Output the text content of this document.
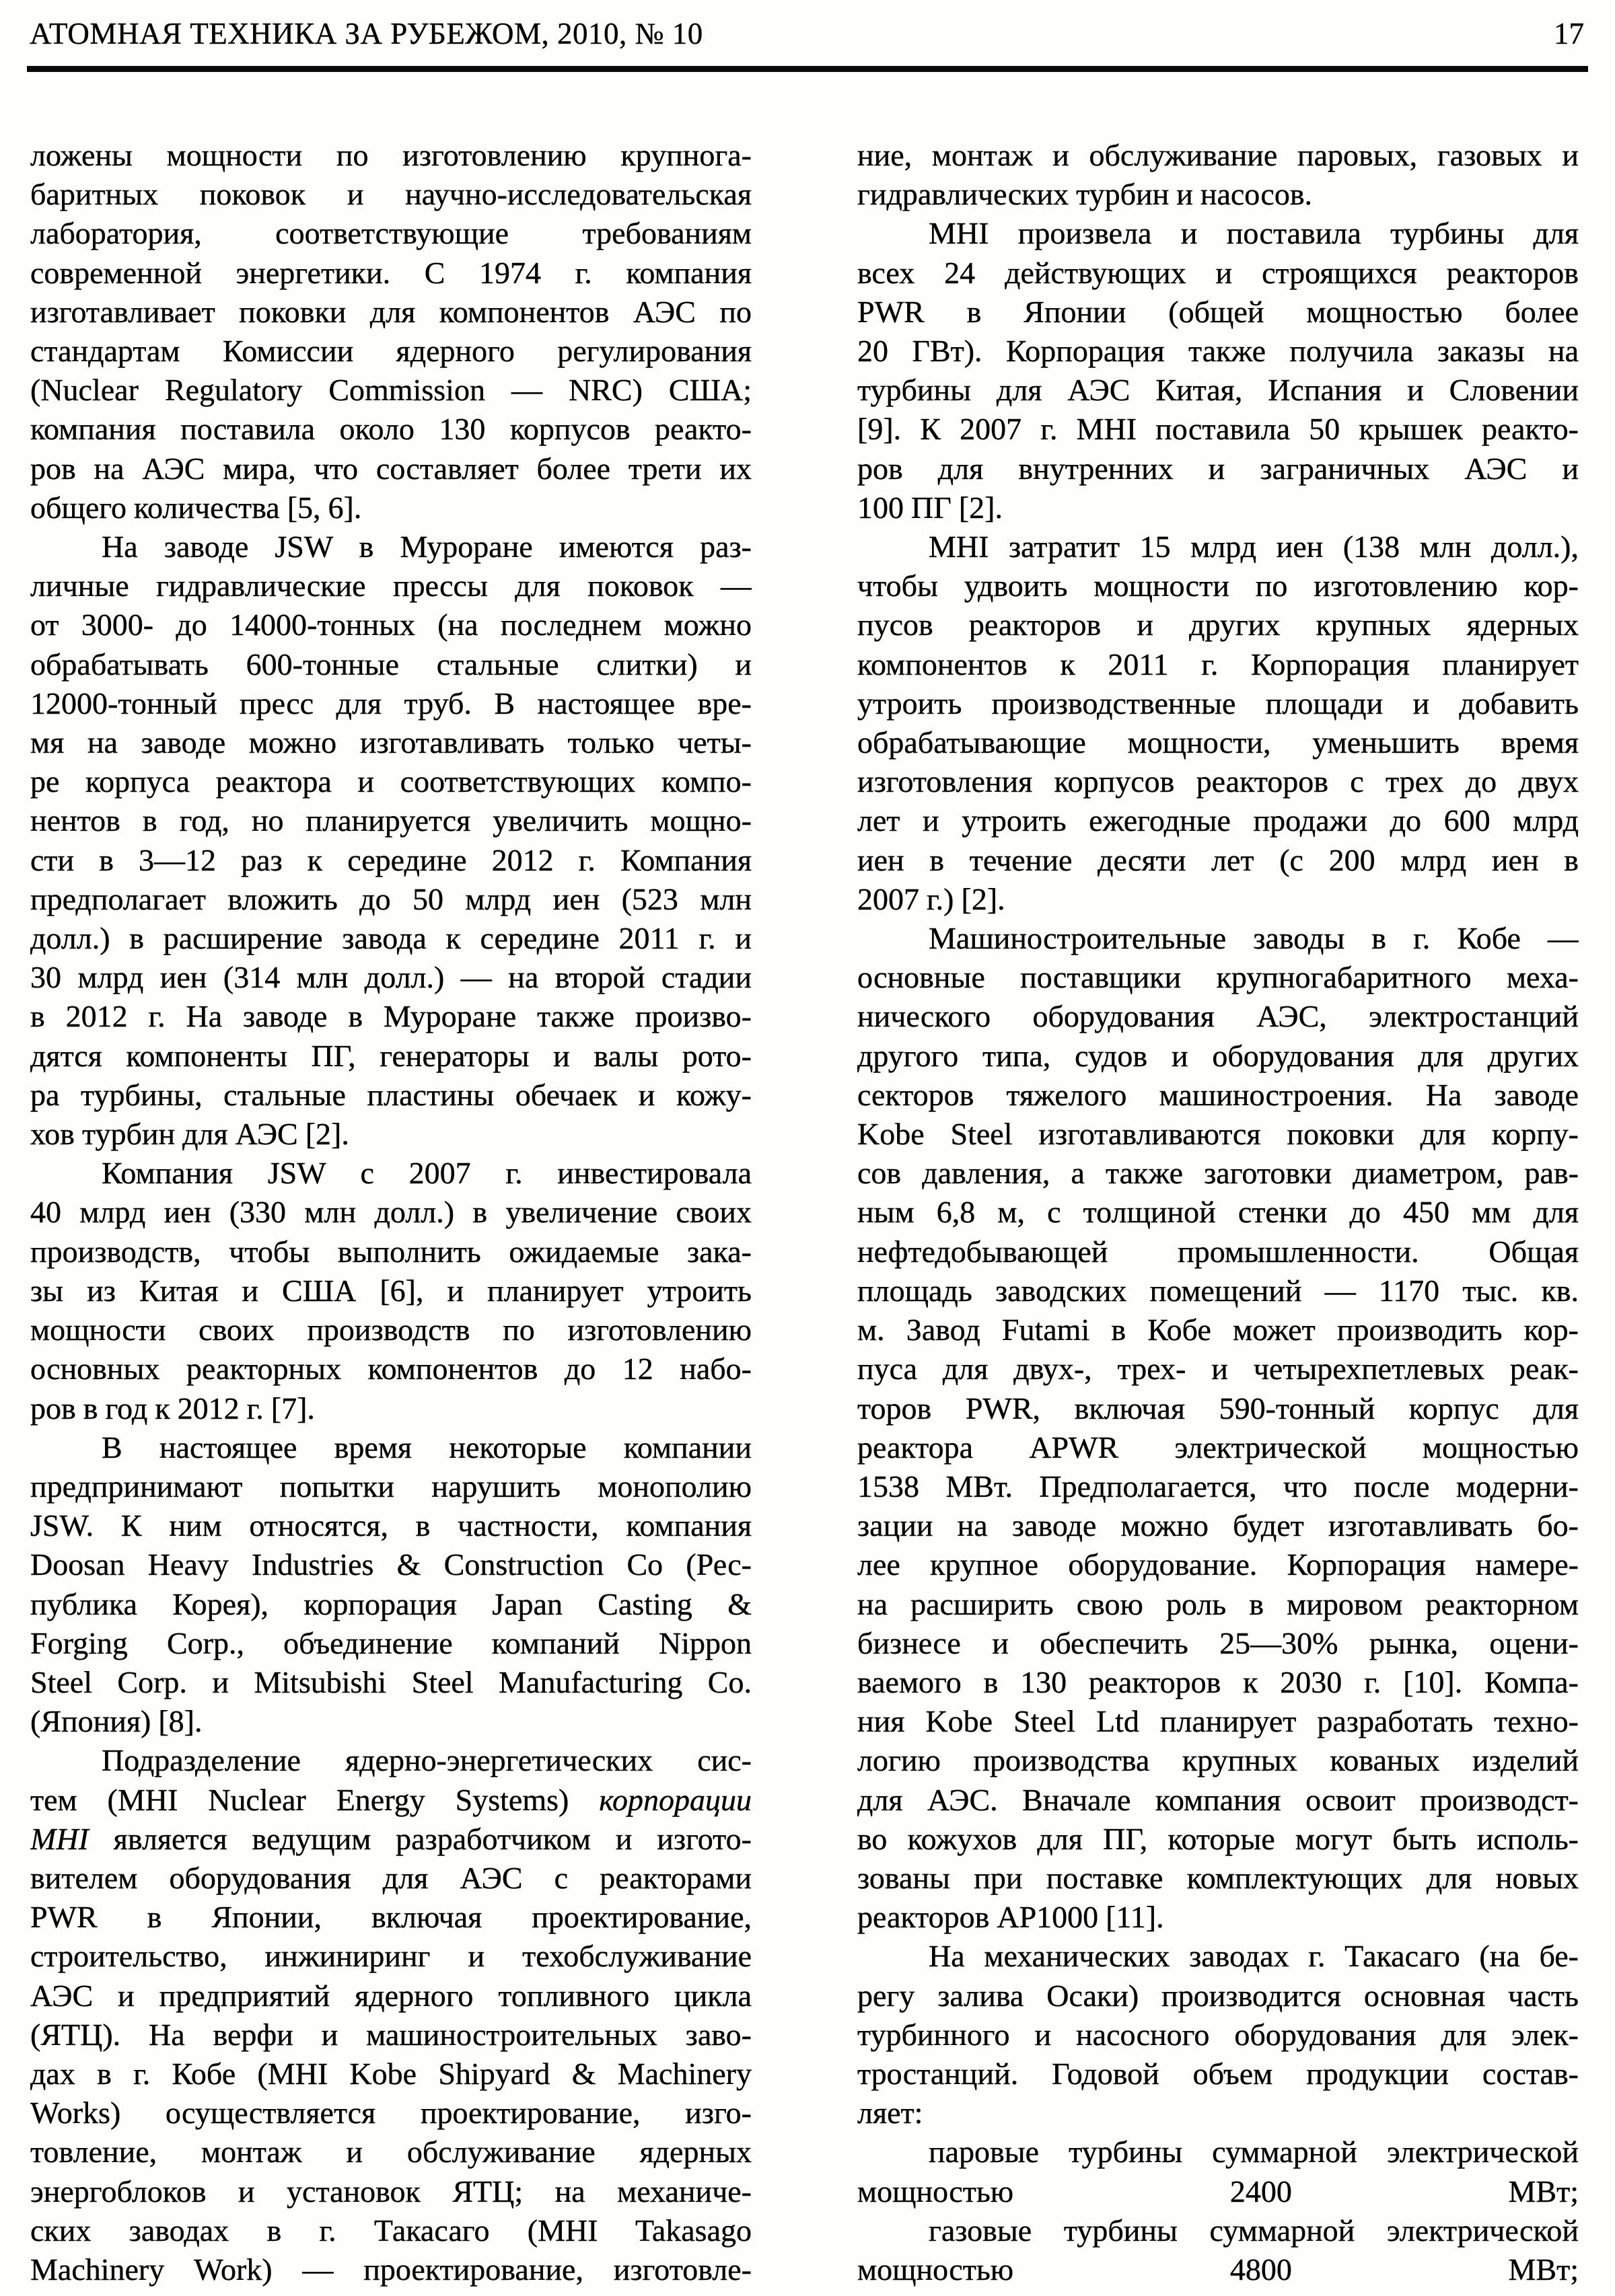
АТОМНАЯ ТЕХНИКА ЗА РУБЕЖОМ, 2010, № 10	17
ложены мощности по изготовлению крупнога-
баритных поковок и научно-исследовательская
лаборатория, соответствующие требованиям
современной энергетики. С 1974 г. компания
изготавливает поковки для компонентов АЭС по
стандартам Комиссии ядерного регулирования
(Nuclear Regulatory Commission — NRC) США;
компания поставила около 130 корпусов реакто-
ров на АЭС мира, что составляет более трети их
общего количества [5, 6].
На заводе JSW в Муроране имеются раз-
личные гидравлические прессы для поковок —
от 3000- до 14000-тонных (на последнем можно
обрабатывать 600-тонные стальные слитки) и
12000-тонный пресс для труб. В настоящее вре-
мя на заводе можно изготавливать только четы-
ре корпуса реактора и соответствующих компо-
нентов в год, но планируется увеличить мощно-
сти в 3—12 раз к середине 2012 г. Компания
предполагает вложить до 50 млрд иен (523 млн
долл.) в расширение завода к середине 2011 г. и
30 млрд иен (314 млн долл.) — на второй стадии
в 2012 г. На заводе в Муроране также произво-
дятся компоненты ПГ, генераторы и валы рото-
ра турбины, стальные пластины обечаек и кожу-
хов турбин для АЭС [2].
Компания JSW с 2007 г. инвестировала
40 млрд иен (330 млн долл.) в увеличение своих
производств, чтобы выполнить ожидаемые зака-
зы из Китая и США [6], и планирует утроить
мощности своих производств по изготовлению
основных реакторных компонентов до 12 набо-
ров в год к 2012 г. [7].
В настоящее время некоторые компании
предпринимают попытки нарушить монополию
JSW. К ним относятся, в частности, компания
Doosan Heavy Industries & Construction Co (Рес-
публика Корея), корпорация Japan Casting &
Forging Corp., объединение компаний Nippon
Steel Corp. и Mitsubishi Steel Manufacturing Co.
(Япония) [8].
Подразделение ядерно-энергетических сис-
тем (MHI Nuclear Energy Systems) корпорации
MHI является ведущим разработчиком и изгото-
вителем оборудования для АЭС с реакторами
PWR в Японии, включая проектирование,
строительство, инжиниринг и техобслуживание
АЭС и предприятий ядерного топливного цикла
(ЯТЦ). На верфи и машиностроительных заво-
дах в г. Кобе (MHI Kobe Shipyard & Machinery
Works) осуществляется проектирование, изго-
товление, монтаж и обслуживание ядерных
энергоблоков и установок ЯТЦ; на механиче-
ских заводах в г. Такасаго (MHI Takasago
Machinery Work) — проектирование, изготовле-
ние, монтаж и обслуживание паровых, газовых и
гидравлических турбин и насосов.
MHI произвела и поставила турбины для
всех 24 действующих и строящихся реакторов
PWR в Японии (общей мощностью более
20 ГВт). Корпорация также получила заказы на
турбины для АЭС Китая, Испания и Словении
[9]. К 2007 г. MHI поставила 50 крышек реакто-
ров для внутренних и заграничных АЭС и
100 ПГ [2].
MHI затратит 15 млрд иен (138 млн долл.),
чтобы удвоить мощности по изготовлению кор-
пусов реакторов и других крупных ядерных
компонентов к 2011 г. Корпорация планирует
утроить производственные площади и добавить
обрабатывающие мощности, уменьшить время
изготовления корпусов реакторов с трех до двух
лет и утроить ежегодные продажи до 600 млрд
иен в течение десяти лет (с 200 млрд иен в
2007 г.) [2].
Машиностроительные заводы в г. Кобе —
основные поставщики крупногабаритного меха-
нического оборудования АЭС, электростанций
другого типа, судов и оборудования для других
секторов тяжелого машиностроения. На заводе
Kobe Steel изготавливаются поковки для корпу-
сов давления, а также заготовки диаметром, рав-
ным 6,8 м, с толщиной стенки до 450 мм для
нефтедобывающей промышленности. Общая
площадь заводских помещений — 1170 тыс. кв.
м. Завод Futami в Кобе может производить кор-
пуса для двух-, трех- и четырехпетлевых реак-
торов PWR, включая 590-тонный корпус для
реактора APWR электрической мощностью
1538 МВт. Предполагается, что после модерни-
зации на заводе можно будет изготавливать бо-
лее крупное оборудование. Корпорация намере-
на расширить свою роль в мировом реакторном
бизнесе и обеспечить 25—30% рынка, оцени-
ваемого в 130 реакторов к 2030 г. [10]. Компа-
ния Kobe Steel Ltd планирует разработать техно-
логию производства крупных кованых изделий
для АЭС. Вначале компания освоит производст-
во кожухов для ПГ, которые могут быть исполь-
зованы при поставке комплектующих для новых
реакторов AP1000 [11].
На механических заводах г. Такасаго (на бе-
регу залива Осаки) производится основная часть
турбинного и насосного оборудования для элек-
тростанций. Годовой объем продукции состав-
ляет:
паровые турбины суммарной электрической
мощностью 2400 МВт;
газовые турбины суммарной электрической
мощностью 4800 МВт;
